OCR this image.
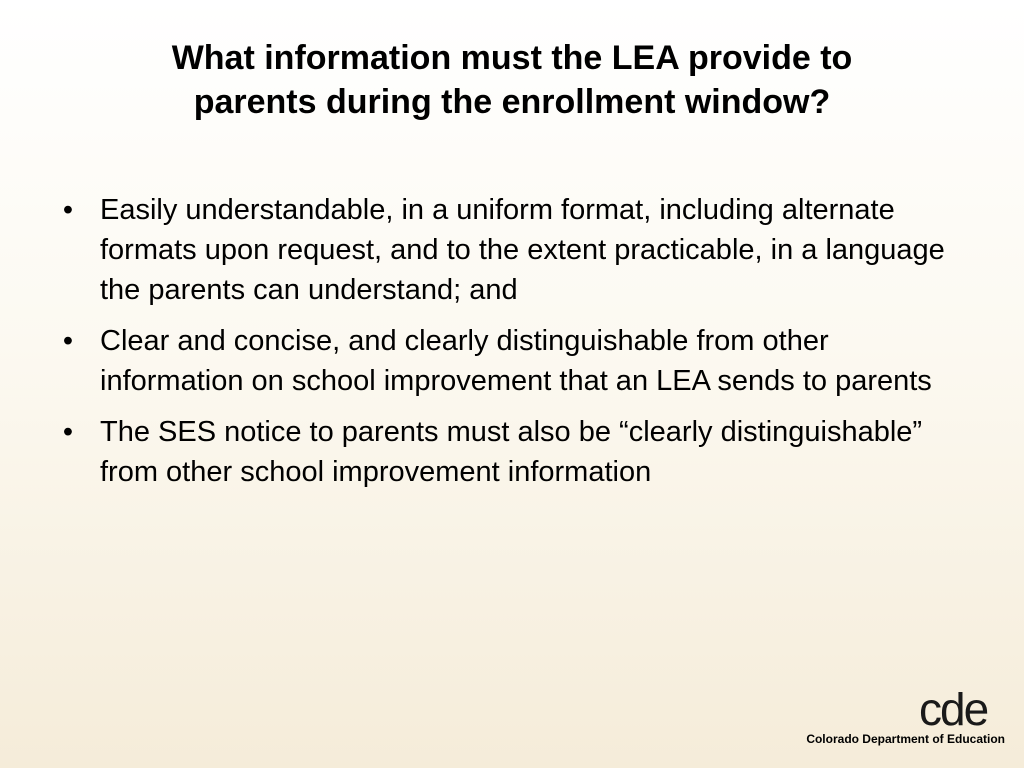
What information must the LEA provide to
parents during the enrollment window?
• Easily understandable, in a uniform format, including alternate formats upon request, and to the extent practicable, in a language the parents can understand; and
• Clear and concise, and clearly distinguishable from other information on school improvement that an LEA sends to parents
• The SES notice to parents must also be “clearly distinguishable” from other school improvement information
cde
Colorado Department of Education
